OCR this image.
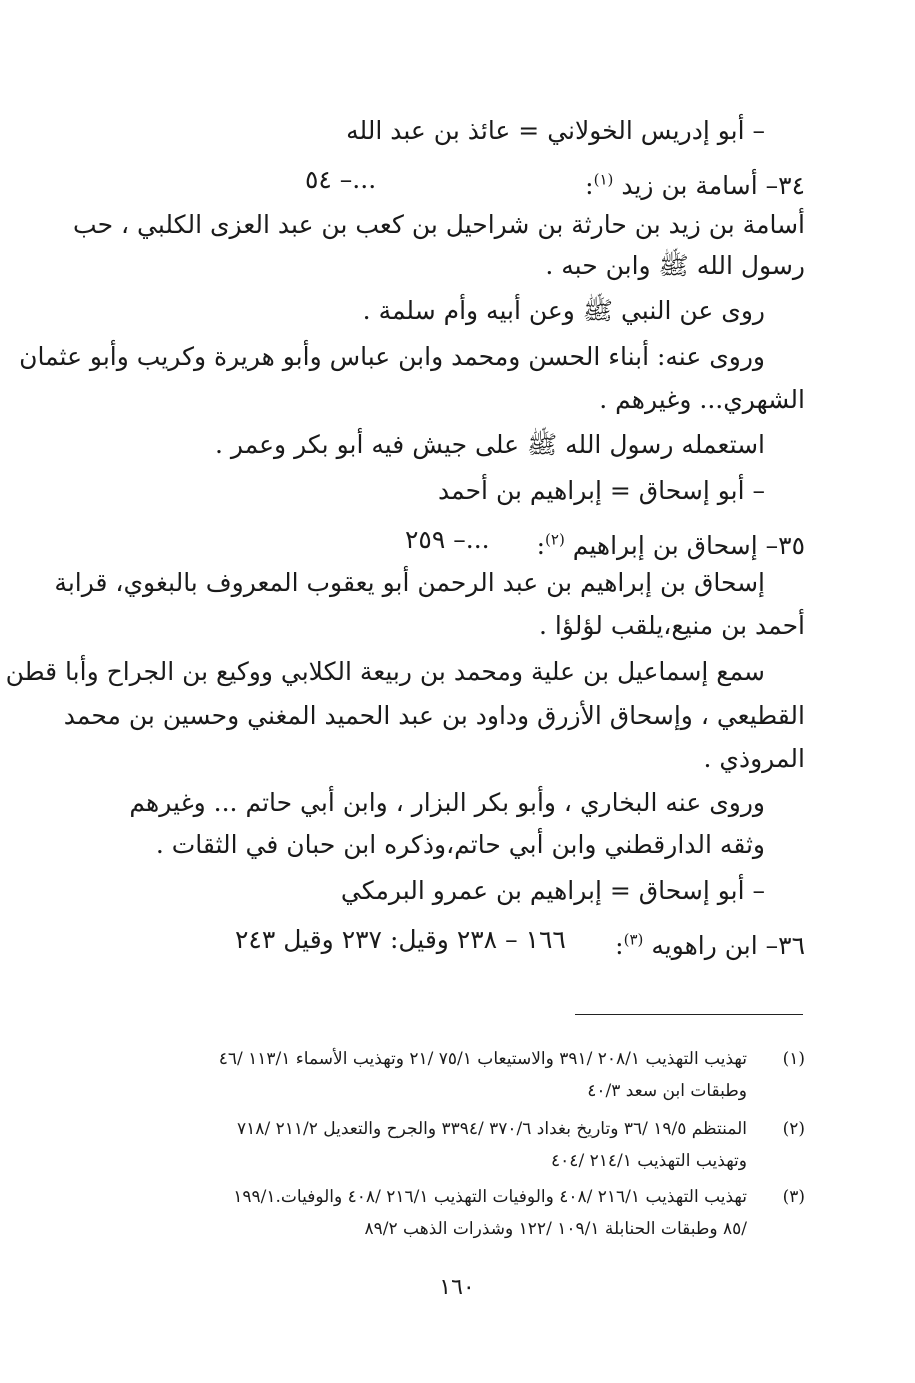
– أبو إدريس الخولاني = عائذ بن عبد الله
٣٤– أسامة بن زيد $^{(١)}$:
...– ٥٤
أسامة بن زيد بن حارثة بن شراحيل بن كعب بن عبد العزى الكلبي ، حب
رسول الله ﷺ وابن حبه .
روى عن النبي ﷺ وعن أبيه وأم سلمة .
وروى عنه: أبناء الحسن ومحمد وابن عباس وأبو هريرة وكريب وأبو عثمان
الشهري... وغيرهم .
استعمله رسول الله ﷺ على جيش فيه أبو بكر وعمر .
– أبو إسحاق = إبراهيم بن أحمد
٣٥– إسحاق بن إبراهيم $^{(٢)}$:
...– ٢٥٩
إسحاق بن إبراهيم بن عبد الرحمن أبو يعقوب المعروف بالبغوي، قرابة
أحمد بن منيع،يلقب لؤلؤا .
سمع إسماعيل بن علية ومحمد بن ربيعة الكلابي ووكيع بن الجراح وأبا قطن
القطيعي ، وإسحاق الأزرق وداود بن عبد الحميد المغني وحسين بن محمد
المروذي .
وروى عنه البخاري ، وأبو بكر البزار ، وابن أبي حاتم ... وغيرهم
وثقه الدارقطني وابن أبي حاتم،وذكره ابن حبان في الثقات .
– أبو إسحاق = إبراهيم بن عمرو البرمكي
٣٦– ابن راهويه $^{(٣)}$:
١٦٦ – ٢٣٨ وقيل: ٢٣٧ وقيل ٢٤٣
(١)
تهذيب التهذيب ٢٠٨/١ /٣٩١ والاستيعاب ٧٥/١ /٢١ وتهذيب الأسماء ١١٣/١ /٤٦
وطبقات ابن سعد ٤٠/٣
(٢)
المنتظم ١٩/٥ /٣٦ وتاريخ بغداد ٣٧٠/٦ /٣٣٩٤ والجرح والتعديل ٢١١/٢ /٧١٨
وتهذيب التهذيب ٢١٤/١ /٤٠٤
(٣)
تهذيب التهذيب ٢١٦/١ /٤٠٨ والوفيات التهذيب ٢١٦/١ /٤٠٨ والوفيات.١٩٩/١
/٨٥ وطبقات الحنابلة ١٠٩/١ /١٢٢ وشذرات الذهب ٨٩/٢
١٦٠
